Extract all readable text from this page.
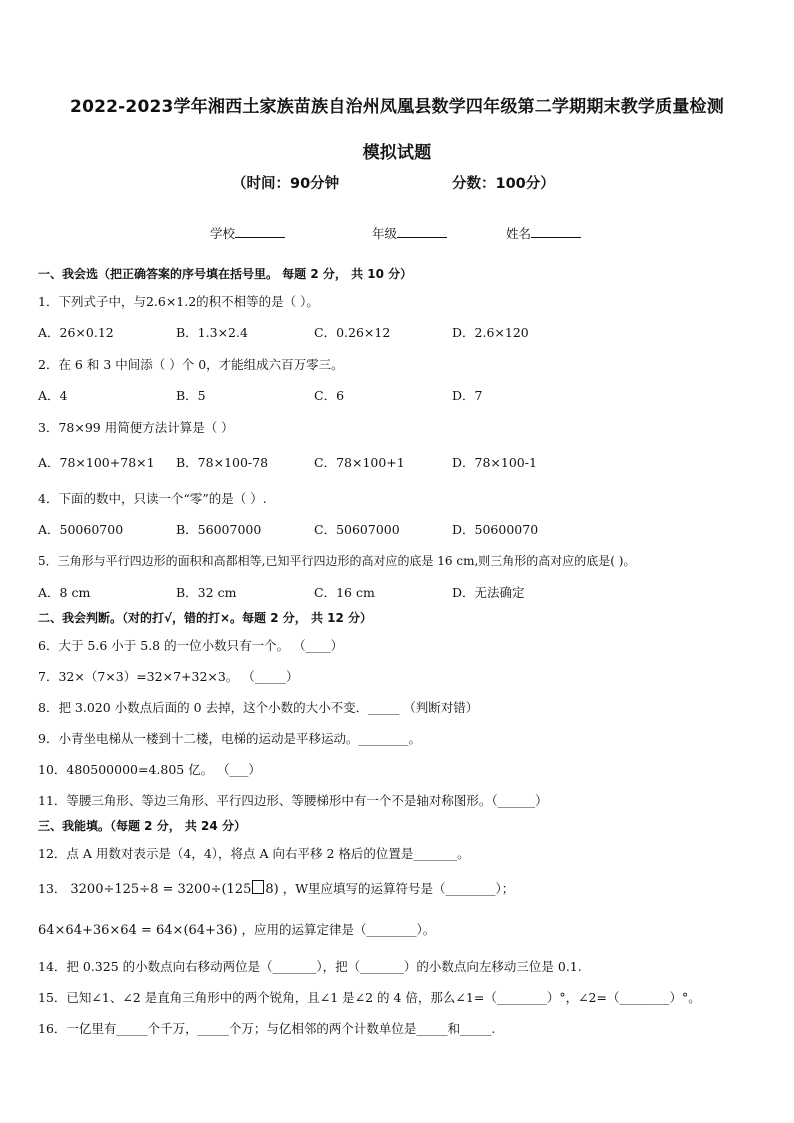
2022-2023学年湘西土家族苗族自治州凤凰县数学四年级第二学期期末教学质量检测
模拟试题
（时间：90分钟	分数：100分）
学校	年级	姓名
一、我会选（把正确答案的序号填在括号里。 每题 2 分， 共 10 分）
1．下列式子中，与2.6×1.2的积不相等的是（ ）。
A．26×0.12	B．1.3×2.4	C．0.26×12	D．2.6×120
2．在 6 和 3 中间添（ ）个 0，才能组成六百万零三。
A．4	B．5	C．6	D．7
3．78×99 用简便方法计算是（ ）
A．78×100+78×1 B．78×100-78	C．78×100+1	D．78×100-1
4．下面的数中，只读一个“零”的是（ ）.
A．50060700	B．56007000	C．50607000	D．50600070
5．三角形与平行四边形的面积和高都相等,已知平行四边形的高对应的底是 16 cm,则三角形的高对应的底是( )。
A．8 cm	B．32 cm	C．16 cm	D．无法确定
二、我会判断。（对的打√，错的打×。每题 2 分， 共 12 分）
6．大于 5.6 小于 5.8 的一位小数只有一个。 （____）
7．32×（7×3）=32×7+32×3。 （_____）
8．把 3.020 小数点后面的 0 去掉，这个小数的大小不变．_____ （判断对错）
9．小青坐电梯从一楼到十二楼，电梯的运动是平移运动。________。
10．480500000=4.805 亿。 （___）
11．等腰三角形、等边三角形、平行四边形、等腰梯形中有一个不是轴对称图形。（______）
三、我能填。（每题 2 分， 共 24 分）
12．点 A 用数对表示是（4，4），将点 A 向右平移 2 格后的位置是_______。
13． 3200÷125÷8 = 3200÷(125 8) ，W里应填写的运算符号是（________）；
64×64+36×64 = 64×(64+36) ，应用的运算定律是（________）。
14．把 0.325 的小数点向右移动两位是（_______），把（_______）的小数点向左移动三位是 0.1.
15．已知∠1、∠2 是直角三角形中的两个锐角，且∠1 是∠2 的 4 倍，那么∠1=（________）°，∠2=（________）°。
16．一亿里有_____个千万，_____个万；与亿相邻的两个计数单位是_____和_____.
